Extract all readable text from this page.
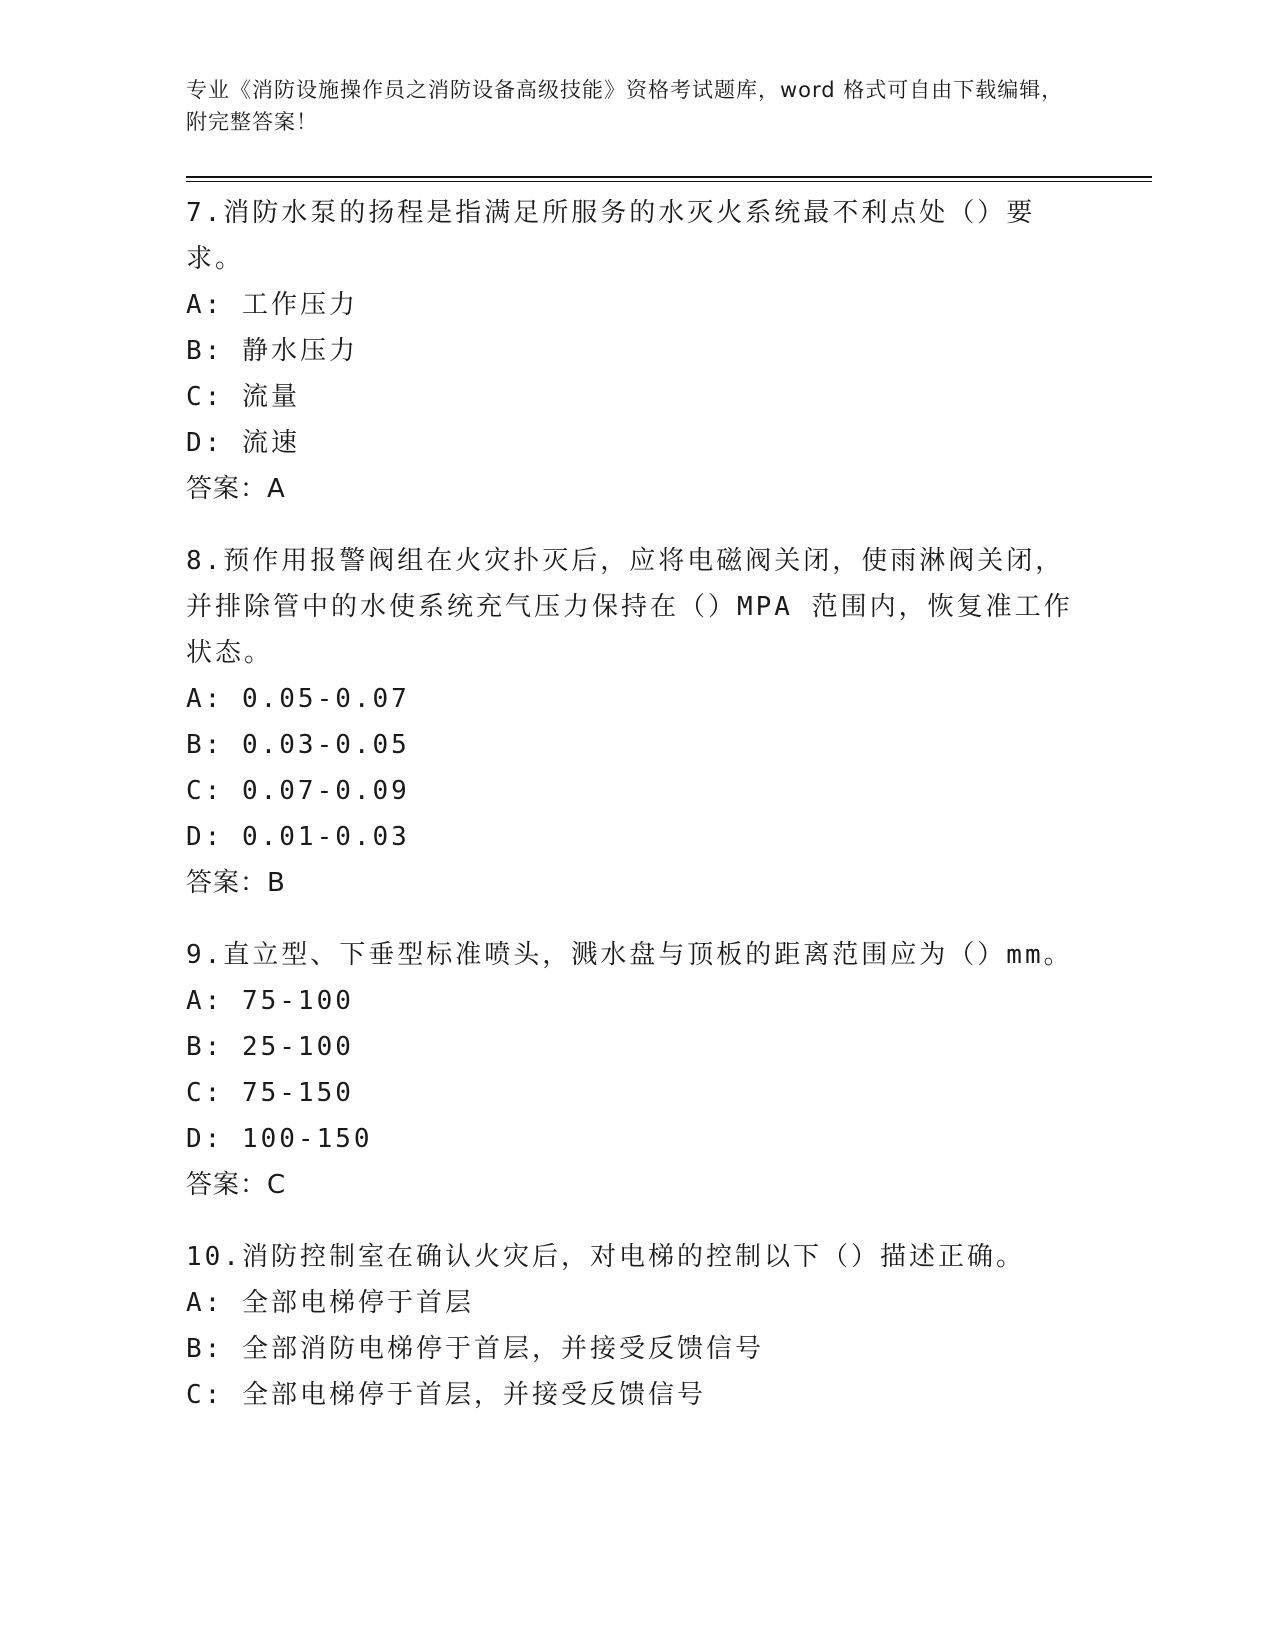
专业《消防设施操作员之消防设备高级技能》资格考试题库，word 格式可自由下载编辑，附完整答案！
7.消防水泵的扬程是指满足所服务的水灭火系统最不利点处（）要求。
A: 工作压力
B: 静水压力
C: 流量
D: 流速
答案：A
8.预作用报警阀组在火灾扑灭后，应将电磁阀关闭，使雨淋阀关闭，并排除管中的水使系统充气压力保持在（）MPA 范围内，恢复准工作状态。
A: 0.05-0.07
B: 0.03-0.05
C: 0.07-0.09
D: 0.01-0.03
答案：B
9.直立型、下垂型标准喷头，溅水盘与顶板的距离范围应为（）mm。
A: 75-100
B: 25-100
C: 75-150
D: 100-150
答案：C
10.消防控制室在确认火灾后，对电梯的控制以下（）描述正确。
A: 全部电梯停于首层
B: 全部消防电梯停于首层，并接受反馈信号
C: 全部电梯停于首层，并接受反馈信号
